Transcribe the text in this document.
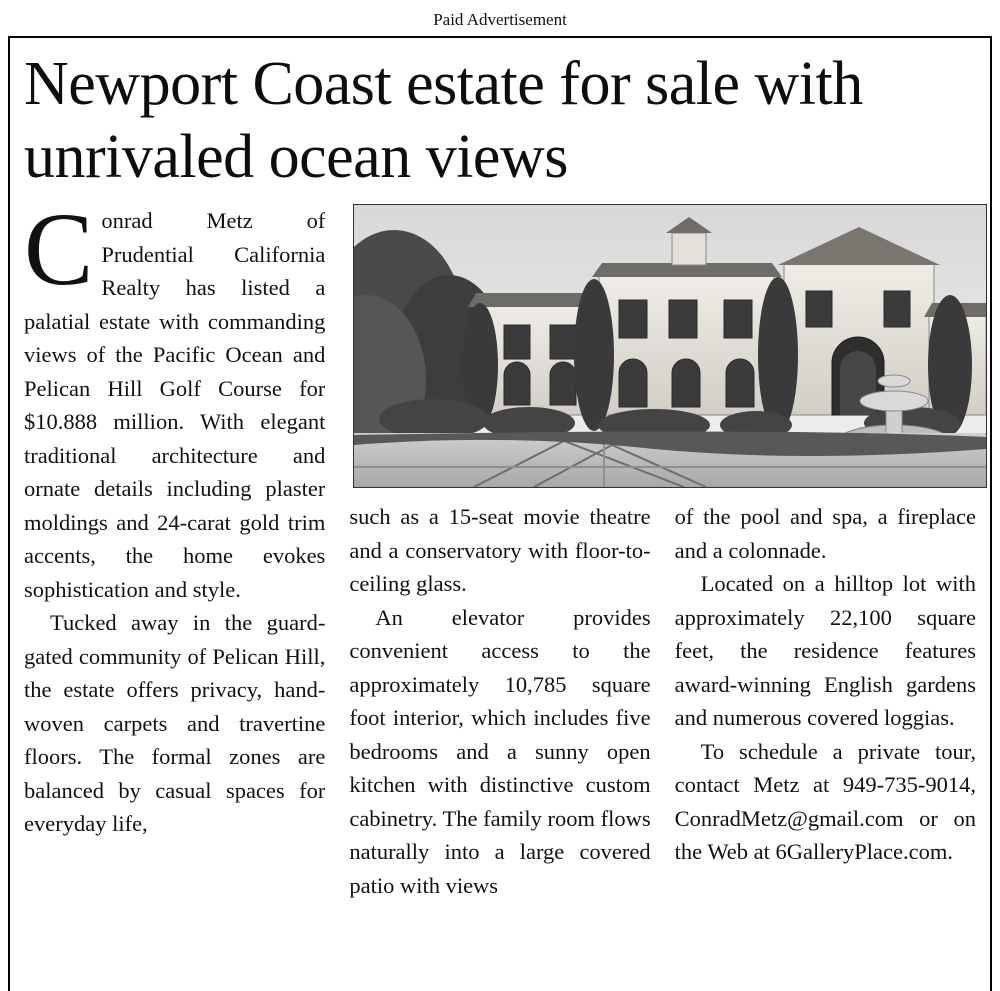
Paid Advertisement
Newport Coast estate for sale with unrivaled ocean views

Conrad Metz of Prudential California Realty has listed a palatial estate with commanding views of the Pacific Ocean and Pelican Hill Golf Course for $10.888 million. With elegant traditional architecture and ornate details including plaster moldings and 24-carat gold trim accents, the home evokes sophistication and style.

Tucked away in the guard-gated community of Pelican Hill, the estate offers privacy, hand-woven carpets and travertine floors. The formal zones are balanced by casual spaces for everyday life,

such as a 15-seat movie theatre and a conservatory with floor-to-ceiling glass.

An elevator provides convenient access to the approximately 10,785 square foot interior, which includes five bedrooms and a sunny open kitchen with distinctive custom cabinetry. The family room flows naturally into a large covered patio with views

of the pool and spa, a fireplace and a colonnade.

Located on a hilltop lot with approximately 22,100 square feet, the residence features award-winning English gardens and numerous covered loggias.

To schedule a private tour, contact Metz at 949-735-9014, ConradMetz@gmail.com or on the Web at 6GalleryPlace.com.
